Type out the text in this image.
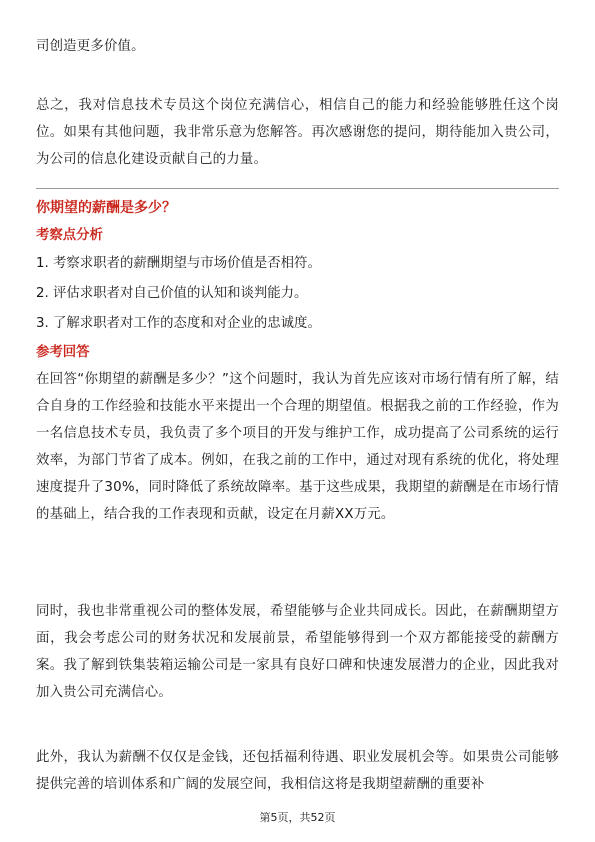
司创造更多价值。

总之，我对信息技术专员这个岗位充满信心，相信自己的能力和经验能够胜任这个岗位。如果有其他问题，我非常乐意为您解答。再次感谢您的提问，期待能加入贵公司，为公司的信息化建设贡献自己的力量。

你期望的薪酬是多少？
考察点分析
1. 考察求职者的薪酬期望与市场价值是否相符。
2. 评估求职者对自己价值的认知和谈判能力。
3. 了解求职者对工作的态度和对企业的忠诚度。
参考回答

在回答“你期望的薪酬是多少？”这个问题时，我认为首先应该对市场行情有所了解，结合自身的工作经验和技能水平来提出一个合理的期望值。根据我之前的工作经验，作为一名信息技术专员，我负责了多个项目的开发与维护工作，成功提高了公司系统的运行效率，为部门节省了成本。例如，在我之前的工作中，通过对现有系统的优化，将处理速度提升了30%，同时降低了系统故障率。基于这些成果，我期望的薪酬是在市场行情的基础上，结合我的工作表现和贡献，设定在月薪XX万元。

同时，我也非常重视公司的整体发展，希望能够与企业共同成长。因此，在薪酬期望方面，我会考虑公司的财务状况和发展前景，希望能够得到一个双方都能接受的薪酬方案。我了解到铁集装箱运输公司是一家具有良好口碑和快速发展潜力的企业，因此我对加入贵公司充满信心。

此外，我认为薪酬不仅仅是金钱，还包括福利待遇、职业发展机会等。如果贵公司能够提供完善的培训体系和广阔的发展空间，我相信这将是我期望薪酬的重要补

第5页，共52页
